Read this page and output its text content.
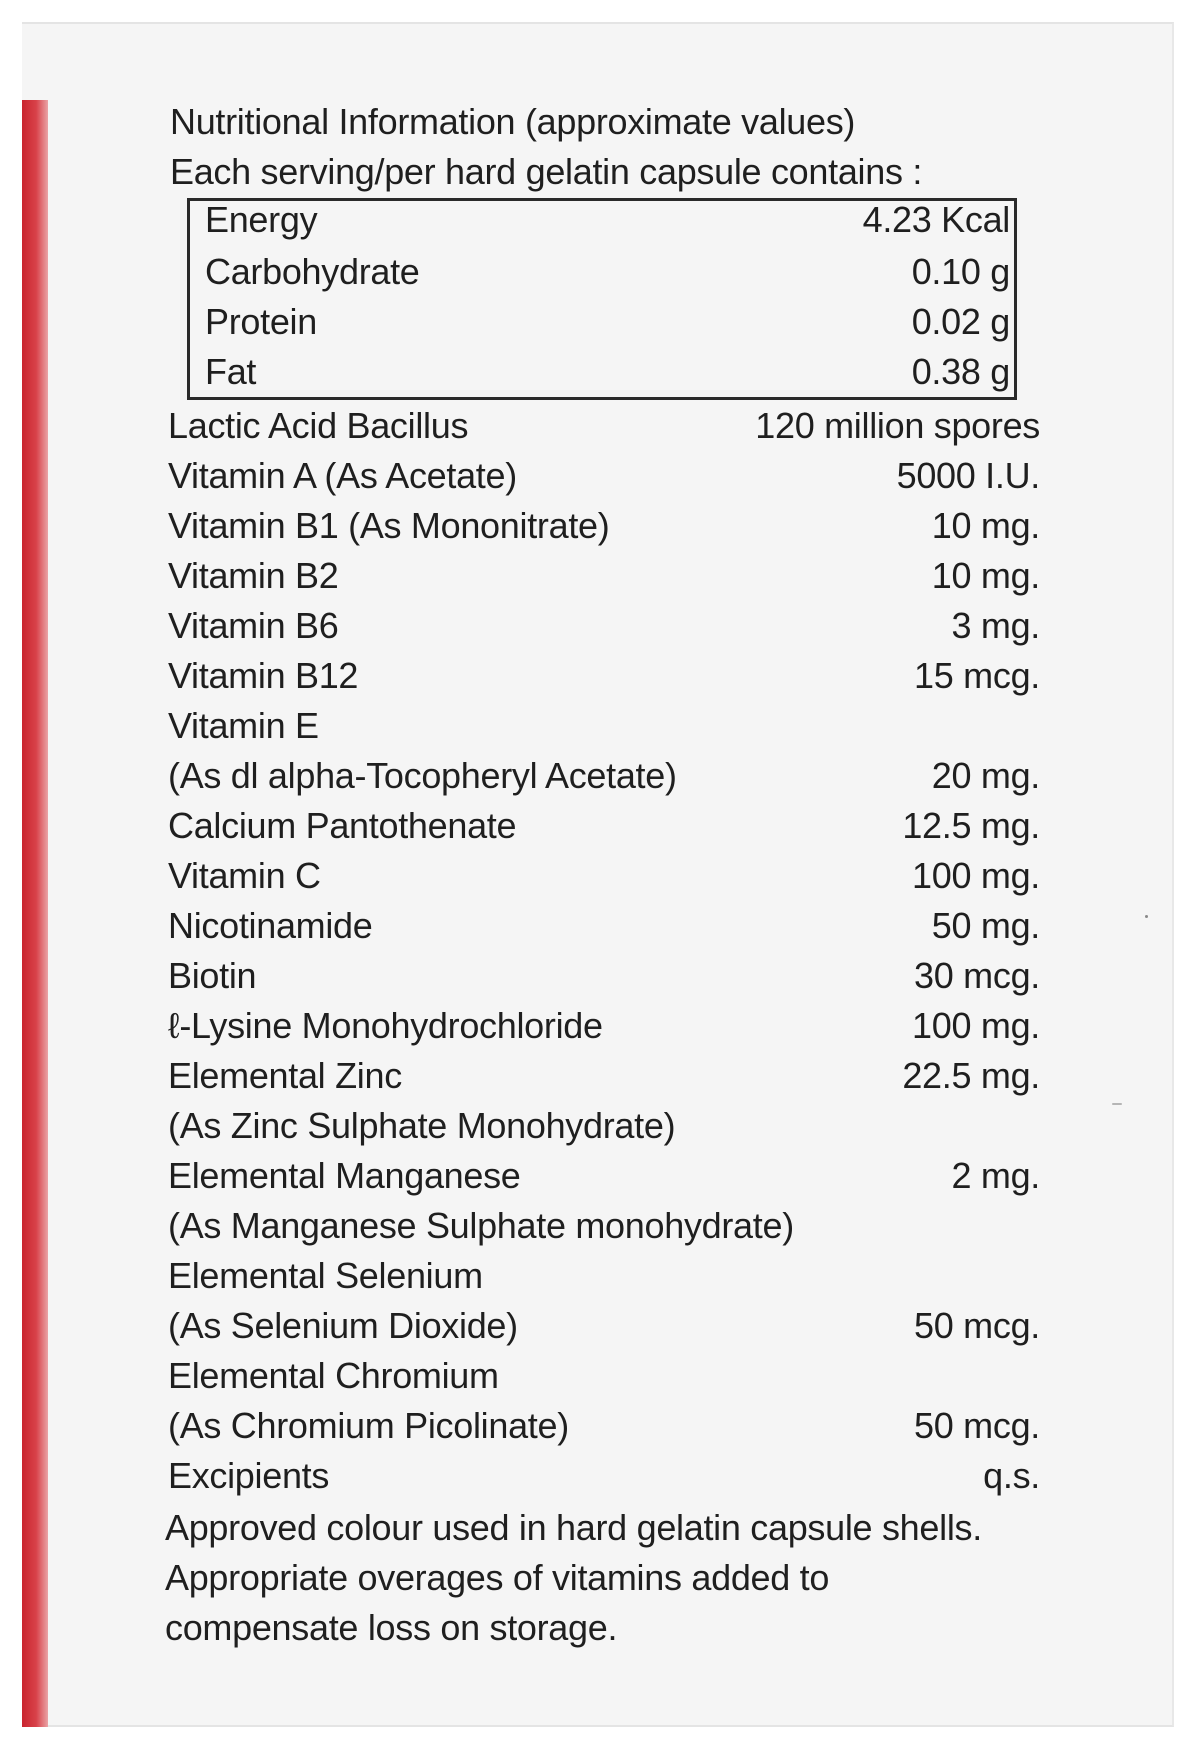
Nutritional Information (approximate values)
Each serving/per hard gelatin capsule contains :
Energy	4.23 Kcal
Carbohydrate	0.10 g
Protein	0.02 g
Fat	0.38 g
Lactic Acid Bacillus	120 million spores
Vitamin A (As Acetate)	5000 I.U.
Vitamin B1 (As Mononitrate)	10 mg.
Vitamin B2	10 mg.
Vitamin B6	3 mg.
Vitamin B12	15 mcg.
Vitamin E
(As dl alpha-Tocopheryl Acetate)	20 mg.
Calcium Pantothenate	12.5 mg.
Vitamin C	100 mg.
Nicotinamide	50 mg.
Biotin	30 mcg.
ℓ-Lysine Monohydrochloride	100 mg.
Elemental Zinc	22.5 mg.
(As Zinc Sulphate Monohydrate)
Elemental Manganese	2 mg.
(As Manganese Sulphate monohydrate)
Elemental Selenium
(As Selenium Dioxide)	50 mcg.
Elemental Chromium
(As Chromium Picolinate)	50 mcg.
Excipients	q.s.
Approved colour used in hard gelatin capsule shells.
Appropriate overages of vitamins added to
compensate loss on storage.
